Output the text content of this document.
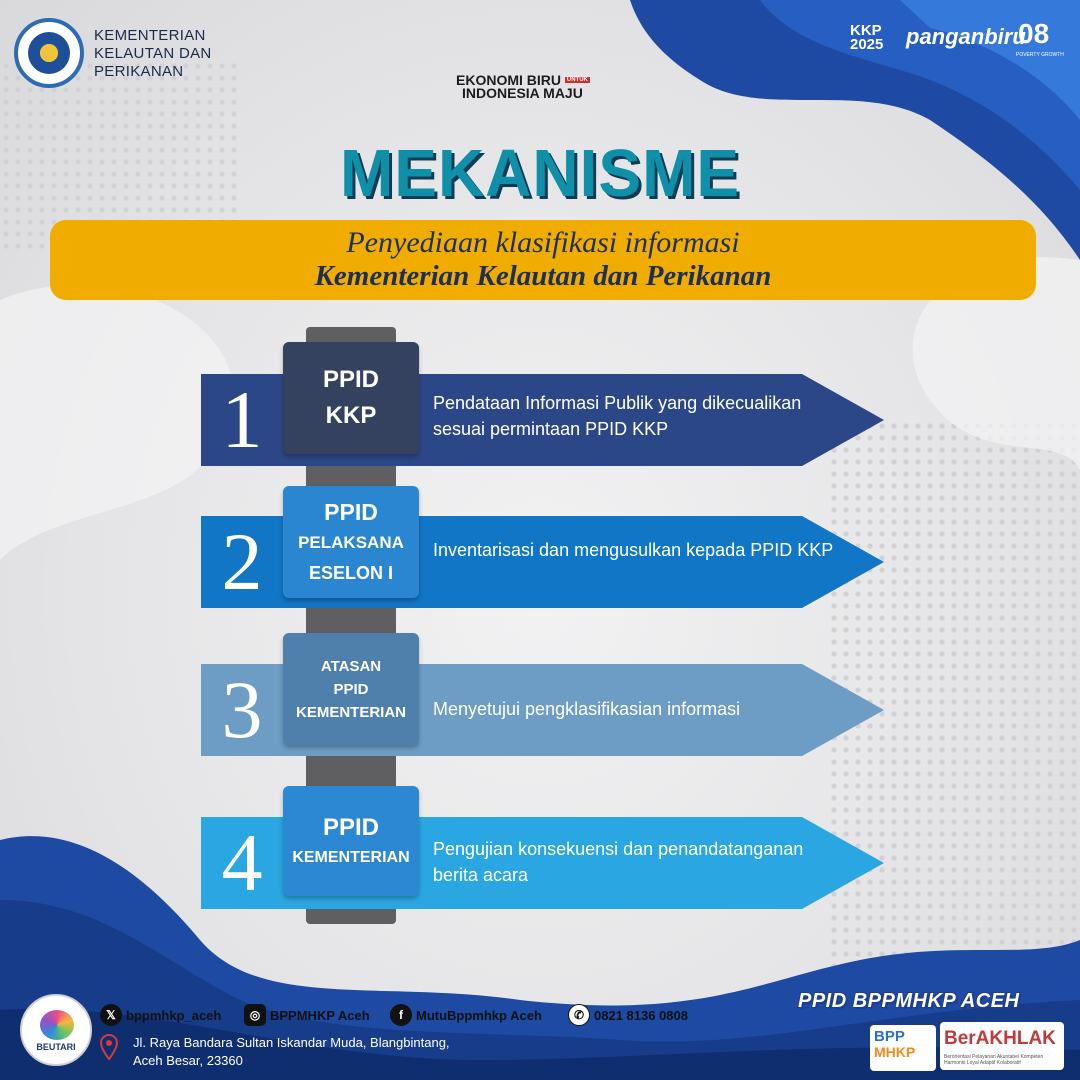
KEMENTERIAN
KELAUTAN DAN
PERIKANAN	EKONOMI BIRU $^{UNTUK}$
INDONESIA MAJU
KKP
2025 panganbiru
08
POVERTY GROWTH
MEKANISME
Penyediaan klasifikasi informasi
Kementerian Kelautan dan Perikanan
1	PPID
KKP	Pendataan Informasi Publik yang dikecualikan sesuai permintaan PPID KKP
2
PPID
PELAKSANA
ESELON I
Inventarisasi dan mengusulkan kepada PPID KKP
3	ATASAN
PPID
KEMENTERIAN	Menyetujui pengklasifikasian informasi
4	PPID
KEMENTERIAN	Pengujian konsekuensi dan penandatanganan berita acara
BEUTARI
𝕏 bppmhkp_aceh	◎ BPPMHKP Aceh	f	MutuBppmhkp Aceh	✆ 0821 8136 0808
Jl. Raya Bandara Sultan Iskandar Muda, Blangbintang,
Aceh Besar, 23360
PPID BPPMHKP ACEH
BPP
MHKP
BerAKHLAK
Berorientasi Pelayanan Akuntabel Kompeten Harmonis Loyal Adaptif Kolaboratif
